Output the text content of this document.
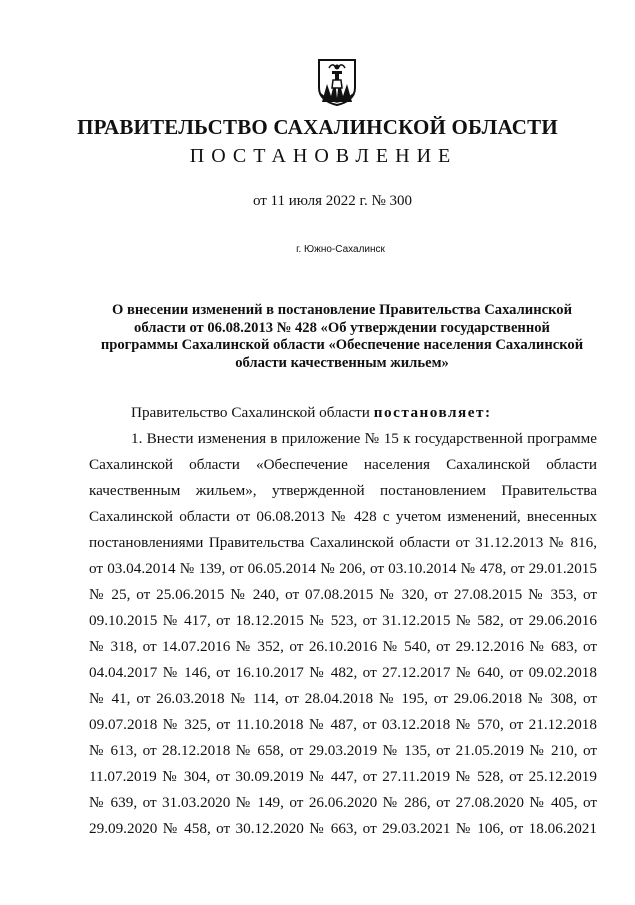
ПРАВИТЕЛЬСТВО САХАЛИНСКОЙ ОБЛАСТИ
ПОСТАНОВЛЕНИЕ
от 11 июля 2022 г. № 300
г. Южно-Сахалинск
О внесении изменений в постановление Правительства Сахалинской
области от 06.08.2013 № 428 «Об утверждении государственной
программы Сахалинской области «Обеспечение населения Сахалинской
области качественным жильем»
Правительство Сахалинской области постановляет:
1. Внести изменения в приложение № 15 к государственной программе
Сахалинской области «Обеспечение населения Сахалинской области
качественным жильем», утвержденной постановлением Правительства
Сахалинской области от 06.08.2013 № 428 с учетом изменений, внесенных
постановлениями Правительства Сахалинской области от 31.12.2013 № 816,
от 03.04.2014 № 139, от 06.05.2014 № 206, от 03.10.2014 № 478, от 29.01.2015
№ 25, от 25.06.2015 № 240, от 07.08.2015 № 320, от 27.08.2015 № 353, от
09.10.2015 № 417, от 18.12.2015 № 523, от 31.12.2015 № 582, от 29.06.2016
№ 318, от 14.07.2016 № 352, от 26.10.2016 № 540, от 29.12.2016 № 683, от
04.04.2017 № 146, от 16.10.2017 № 482, от 27.12.2017 № 640, от 09.02.2018
№ 41, от 26.03.2018 № 114, от 28.04.2018 № 195, от 29.06.2018 № 308, от
09.07.2018 № 325, от 11.10.2018 № 487, от 03.12.2018 № 570, от 21.12.2018
№ 613, от 28.12.2018 № 658, от 29.03.2019 № 135, от 21.05.2019 № 210, от
11.07.2019 № 304, от 30.09.2019 № 447, от 27.11.2019 № 528, от 25.12.2019
№ 639, от 31.03.2020 № 149, от 26.06.2020 № 286, от 27.08.2020 № 405, от
29.09.2020 № 458, от 30.12.2020 № 663, от 29.03.2021 № 106, от 18.06.2021
